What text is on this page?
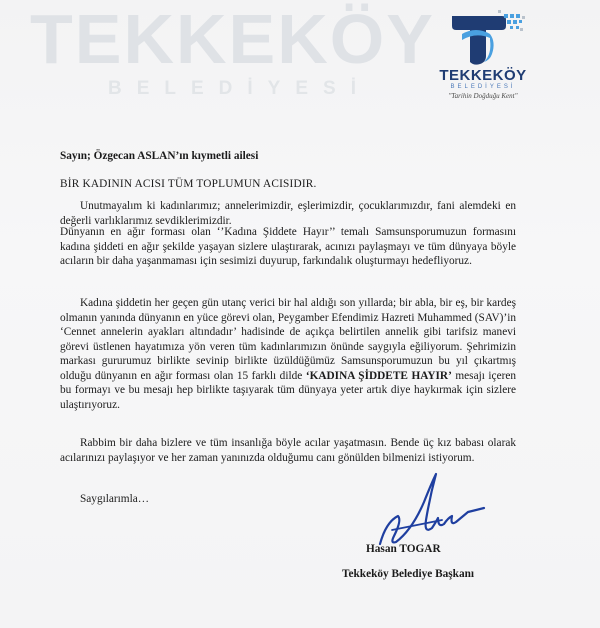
TEKKEKÖY
BELEDİYESİ
TEKKEKÖY
BELEDİYESİ
"Tarihin Doğduğu Kent"
Sayın; Özgecan ASLAN’ın kıymetli ailesi
BİR KADININ ACISI TÜM TOPLUMUN ACISIDIR.

Unutmayalım ki kadınlarımız; annelerimizdir, eşlerimizdir, çocuklarımızdır, fani alemdeki en değerli varlıklarımız sevdiklerimizdir.

Dünyanın en ağır forması olan ‘’Kadına Şiddete Hayır’’ temalı Samsunsporumuzun formasını kadına şiddeti en ağır şekilde yaşayan sizlere ulaştırarak, acınızı paylaşmayı ve tüm dünyaya böyle acıların bir daha yaşanmaması için sesimizi duyurup, farkındalık oluşturmayı hedefliyoruz.

Kadına şiddetin her geçen gün utanç verici bir hal aldığı son yıllarda; bir abla, bir eş, bir kardeş olmanın yanında dünyanın en yüce görevi olan, Peygamber Efendimiz Hazreti Muhammed (SAV)’in ‘Cennet annelerin ayakları altındadır’ hadisinde de açıkça belirtilen annelik gibi tarifsiz manevi görevi üstlenen hayatımıza yön veren tüm kadınlarımızın önünde saygıyla eğiliyorum. Şehrimizin markası gururumuz birlikte sevinip birlikte üzüldüğümüz Samsunsporumuzun bu yıl çıkartmış olduğu dünyanın en ağır forması olan 15 farklı dilde ‘KADINA ŞİDDETE HAYIR’ mesajı içeren bu formayı ve bu mesajı hep birlikte taşıyarak tüm dünyaya yeter artık diye haykırmak için sizlere ulaştırıyoruz.

Rabbim bir daha bizlere ve tüm insanlığa böyle acılar yaşatmasın. Bende üç kız babası olarak acılarınızı paylaşıyor ve her zaman yanınızda olduğumu canı gönülden bilmenizi istiyorum.

Saygılarımla…
Hasan TOGAR
Tekkeköy Belediye Başkanı
